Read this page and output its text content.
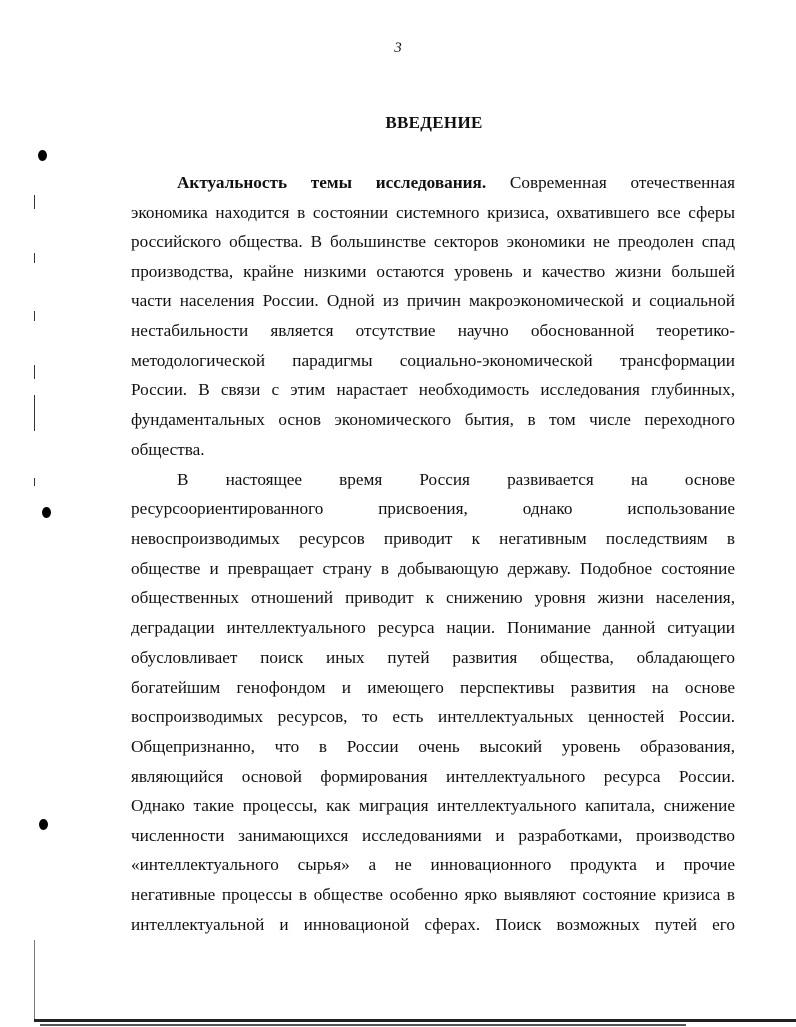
3
ВВЕДЕНИЕ
Актуальность темы исследования. Современная отечественная
экономика находится в состоянии системного кризиса, охватившего все сферы
российского общества. В большинстве секторов экономики не преодолен спад
производства, крайне низкими остаются уровень и качество жизни большей
части населения России. Одной из причин макроэкономической и социальной
нестабильности является отсутствие научно обоснованной теоретико-
методологической парадигмы социально-экономической трансформации
России. В связи с этим нарастает необходимость исследования глубинных,
фундаментальных основ экономического бытия, в том числе переходного
общества.
В настоящее время Россия развивается на основе
ресурсоориентированного присвоения, однако использование
невоспроизводимых ресурсов приводит к негативным последствиям в
обществе и превращает страну в добывающую державу. Подобное состояние
общественных отношений приводит к снижению уровня жизни населения,
деградации интеллектуального ресурса нации. Понимание данной ситуации
обусловливает поиск иных путей развития общества, обладающего
богатейшим генофондом и имеющего перспективы развития на основе
воспроизводимых ресурсов, то есть интеллектуальных ценностей России.
Общепризнанно, что в России очень высокий уровень образования,
являющийся основой формирования интеллектуального ресурса России.
Однако такие процессы, как миграция интеллектуального капитала, снижение
численности занимающихся исследованиями и разработками, производство
«интеллектуального сырья» а не инновационного продукта и прочие
негативные процессы в обществе особенно ярко выявляют состояние кризиса в
интеллектуальной и инновационой сферах. Поиск возможных путей его
